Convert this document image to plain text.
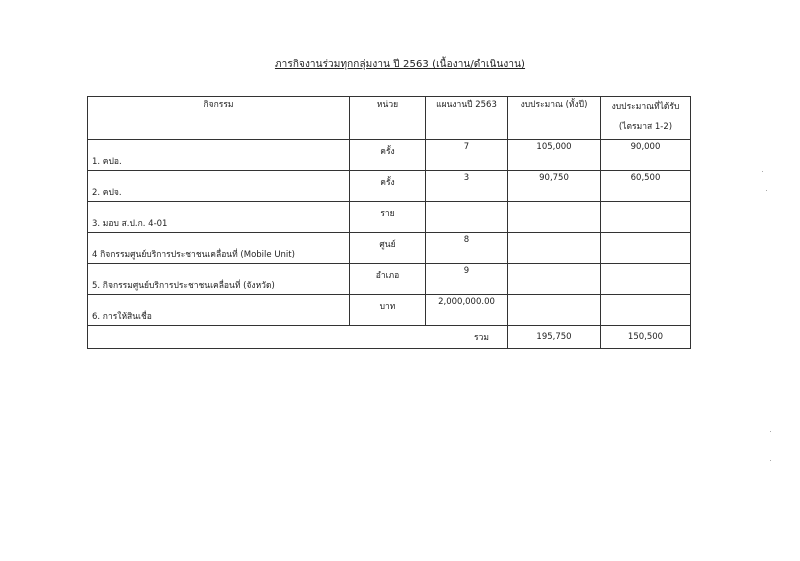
ภารกิจงานร่วมทุกกลุ่มงาน ปี 2563 (เนื้องาน/ดำเนินงาน)
กิจกรรม	หน่วย	แผนงานปี 2563	งบประมาณ (ทั้งปี)	งบประมาณที่ได้รับ
(ไตรมาส 1-2)

1. คปอ.	ครั้ง	7	105,000	90,000
2. คปจ.	ครั้ง	3	90,750	60,500
3. มอบ ส.ป.ก. 4-01	ราย			
4 กิจกรรมศูนย์บริการประชาชนเคลื่อนที่ (Mobile Unit)	ศูนย์	8		
5. กิจกรรมศูนย์บริการประชาชนเคลื่อนที่ (จังหวัด)	อำเภอ	9		
6. การให้สินเชื่อ	บาท	2,000,000.00		
รวม			195,750	150,500
